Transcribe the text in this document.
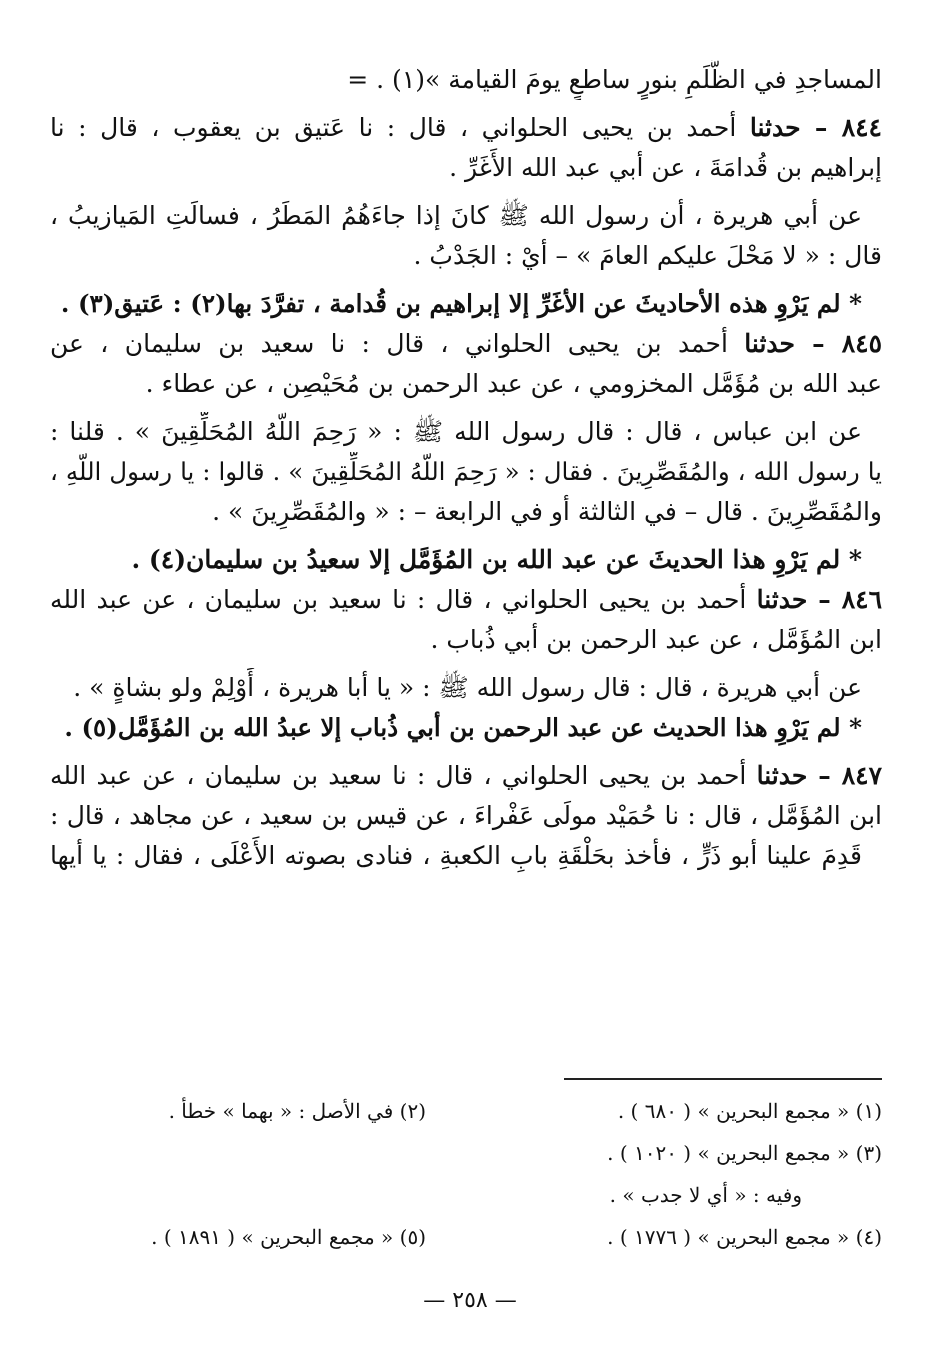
المساجدِ في الظُّلَمِ بنورٍ ساطعٍ يومَ القيامة »(١) . =
٨٤٤ – حدثنا أحمد بن يحيى الحلواني ، قال : نا عَتيق بن يعقوب ، قال : نا
إبراهيم بن قُدامَةَ ، عن أبي عبد الله الأَغَرِّ .
عن أبي هريرة ، أن رسول الله ﷺ كانَ إذا جاءَهُمُ المَطَرُ ، فسالَتِ المَيازيبُ ،
قال : « لا مَحْلَ عليكم العامَ » – أيْ : الجَدْبُ .
* لم يَرْوِ هذه الأحاديثَ عن الأغَرِّ إلا إبراهيم بن قُدامة ، تفرَّدَ بها(٢) : عَتيق(٣) .
٨٤٥ – حدثنا أحمد بن يحيى الحلواني ، قال : نا سعيد بن سليمان ، عن
عبد الله بن مُؤَمَّل المخزومي ، عن عبد الرحمن بن مُحَيْصِن ، عن عطاء .
عن ابن عباس ، قال : قال رسول الله ﷺ : « رَحِمَ اللّهُ المُحَلِّقِينَ » . قلنا :
يا رسول الله ، والمُقَصِّرِينَ . فقال : « رَحِمَ اللّهُ المُحَلِّقِينَ » . قالوا : يا رسول اللّهِ ،
والمُقَصِّرِينَ . قال – في الثالثة أو في الرابعة – : « والمُقَصِّرِينَ » .
* لم يَرْوِ هذا الحديثَ عن عبد الله بن المُؤَمَّل إلا سعيدُ بن سليمان(٤) .
٨٤٦ – حدثنا أحمد بن يحيى الحلواني ، قال : نا سعيد بن سليمان ، عن عبد الله
ابن المُؤَمَّل ، عن عبد الرحمن بن أبي ذُباب .
عن أبي هريرة ، قال : قال رسول الله ﷺ : « يا أبا هريرة ، أَوْلِمْ ولو بشاةٍ » .
* لم يَرْوِ هذا الحديث عن عبد الرحمن بن أبي ذُباب إلا عبدُ الله بن المُؤَمَّل(٥) .
٨٤٧ – حدثنا أحمد بن يحيى الحلواني ، قال : نا سعيد بن سليمان ، عن عبد الله
ابن المُؤَمَّل ، قال : نا حُمَيْد مولَى عَفْراءَ ، عن قيس بن سعيد ، عن مجاهد ، قال :
قَدِمَ علينا أبو ذَرٍّ ، فأخذ بحَلْقَةِ بابِ الكعبةِ ، فنادى بصوته الأَعْلَى ، فقال : يا أيها
(١) « مجمع البحرين » ( ٦٨٠ ) .
(٢) في الأصل : « بهما » خطأ .
(٣) « مجمع البحرين » ( ١٠٢٠ ) .
وفيه : « أي لا جدب » .
(٤) « مجمع البحرين » ( ١٧٧٦ ) .
(٥) « مجمع البحرين » ( ١٨٩١ ) .
— ٢٥٨ —
